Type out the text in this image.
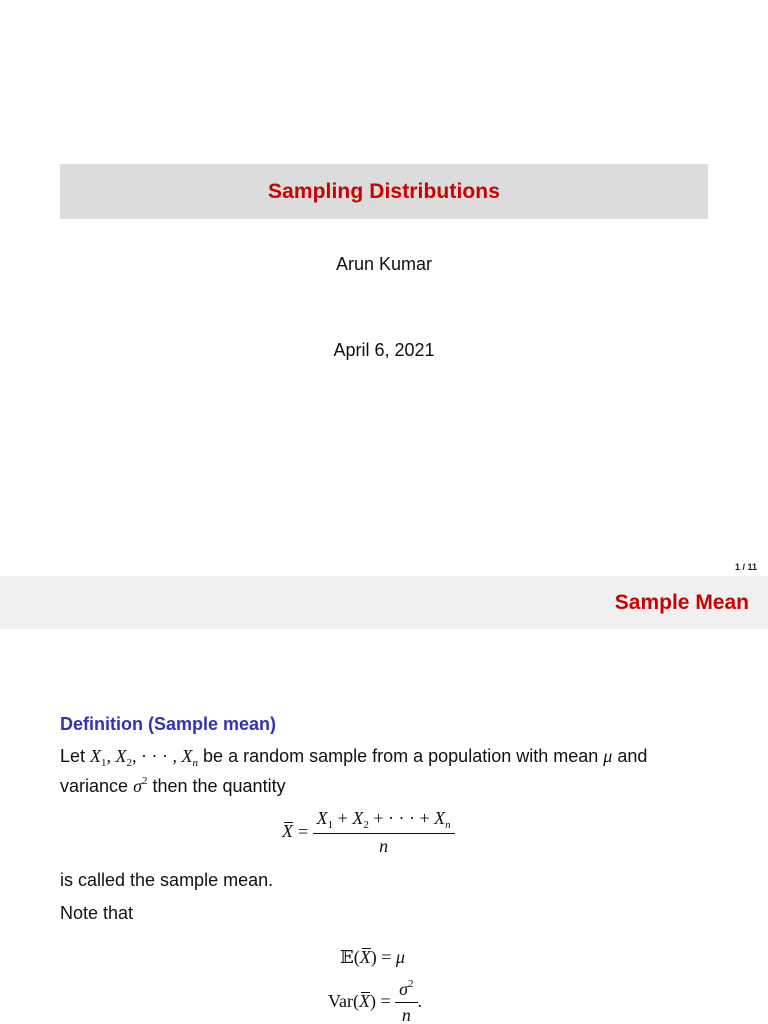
Sampling Distributions
Arun Kumar
April 6, 2021
1 / 11
Sample Mean
Definition (Sample mean)
Let $X_1$, $X_2$, · · · , $X_n$ be a random sample from a population with mean μ and
variance $\sigma^2$ then the quantity
$X = \frac{X_1 + X_2 + \cdot \cdot \cdot + X_n}{n}$
is called the sample mean.
Note that
𝔼(X) = μ
$Var(X) = \frac{\sigma^2}{n}$ .
